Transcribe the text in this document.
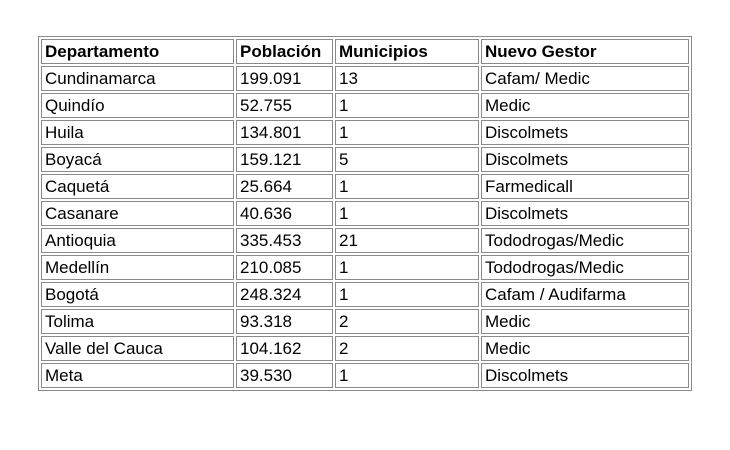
Departamento	Población	Municipios	Nuevo Gestor
Cundinamarca	199.091	13	Cafam/ Medic
Quindío	52.755	1	Medic
Huila	134.801	1	Discolmets
Boyacá	159.121	5	Discolmets
Caquetá	25.664	1	Farmedicall
Casanare	40.636	1	Discolmets
Antioquia	335.453	21	Tododrogas/Medic
Medellín	210.085	1	Tododrogas/Medic
Bogotá	248.324	1	Cafam / Audifarma
Tolima	93.318	2	Medic
Valle del Cauca	104.162	2	Medic
Meta	39.530	1	Discolmets
